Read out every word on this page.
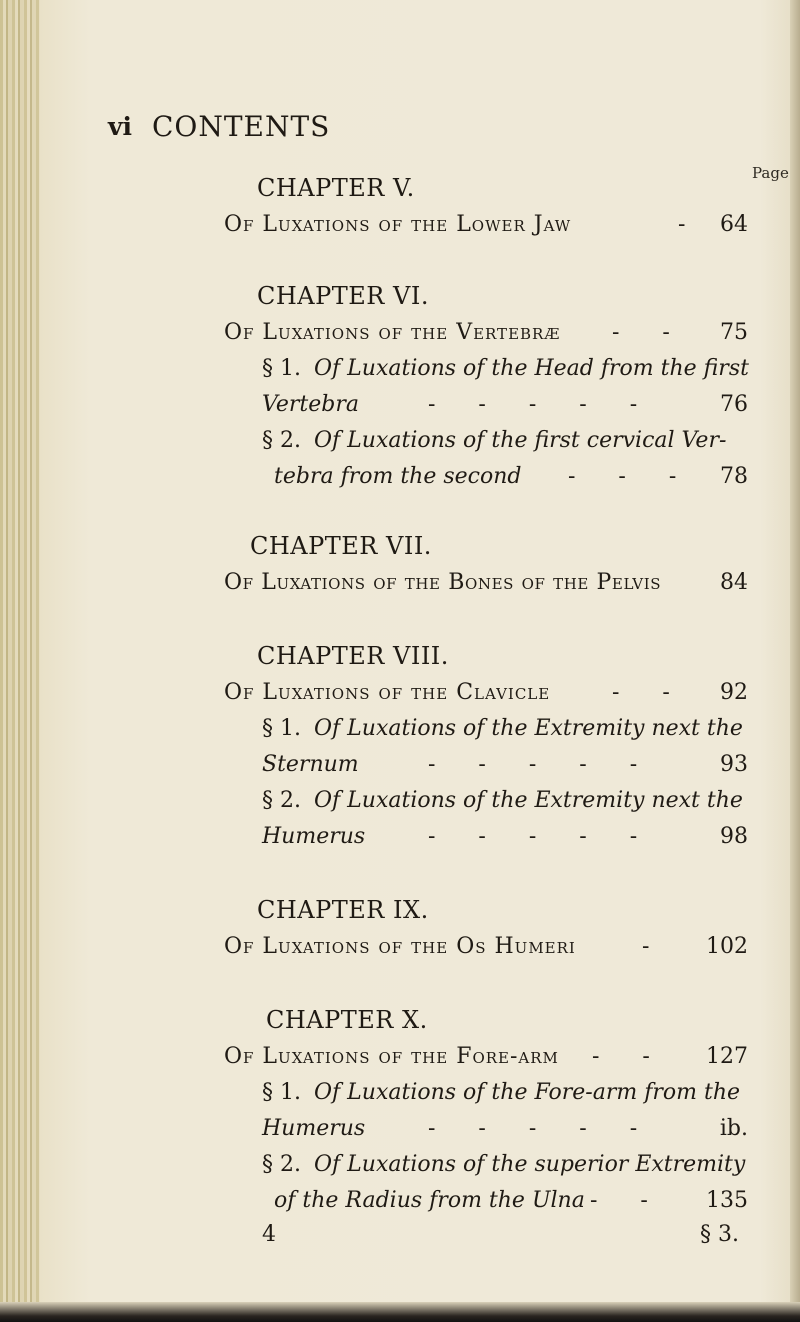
vi CONTENTS
Page
CHAPTER V.
Of Luxations of the Lower Jaw	- 64
CHAPTER VI.
Of Luxations of the Vertebræ - -	75
§ 1. Of Luxations of the Head from the first
Vertebra	- - - - -	76
§ 2. Of Luxations of the first cervical Ver-
tebra from the second - - -	78
CHAPTER VII.
Of Luxations of the Bones of the Pelvis	84
CHAPTER VIII.
Of Luxations of the Clavicle	- -	92
§ 1. Of Luxations of the Extremity next the
Sternum	- - - - -	93
§ 2. Of Luxations of the Extremity next the
Humerus	- - - - -	98
CHAPTER IX.
Of Luxations of the Os Humeri	-	102
CHAPTER X.
Of Luxations of the Fore-arm - -	127
§ 1. Of Luxations of the Fore-arm from the
Humerus	- - - - -	ib.
§ 2. Of Luxations of the superior Extremity
of the Radius from the Ulna - -	135
4	§ 3.
